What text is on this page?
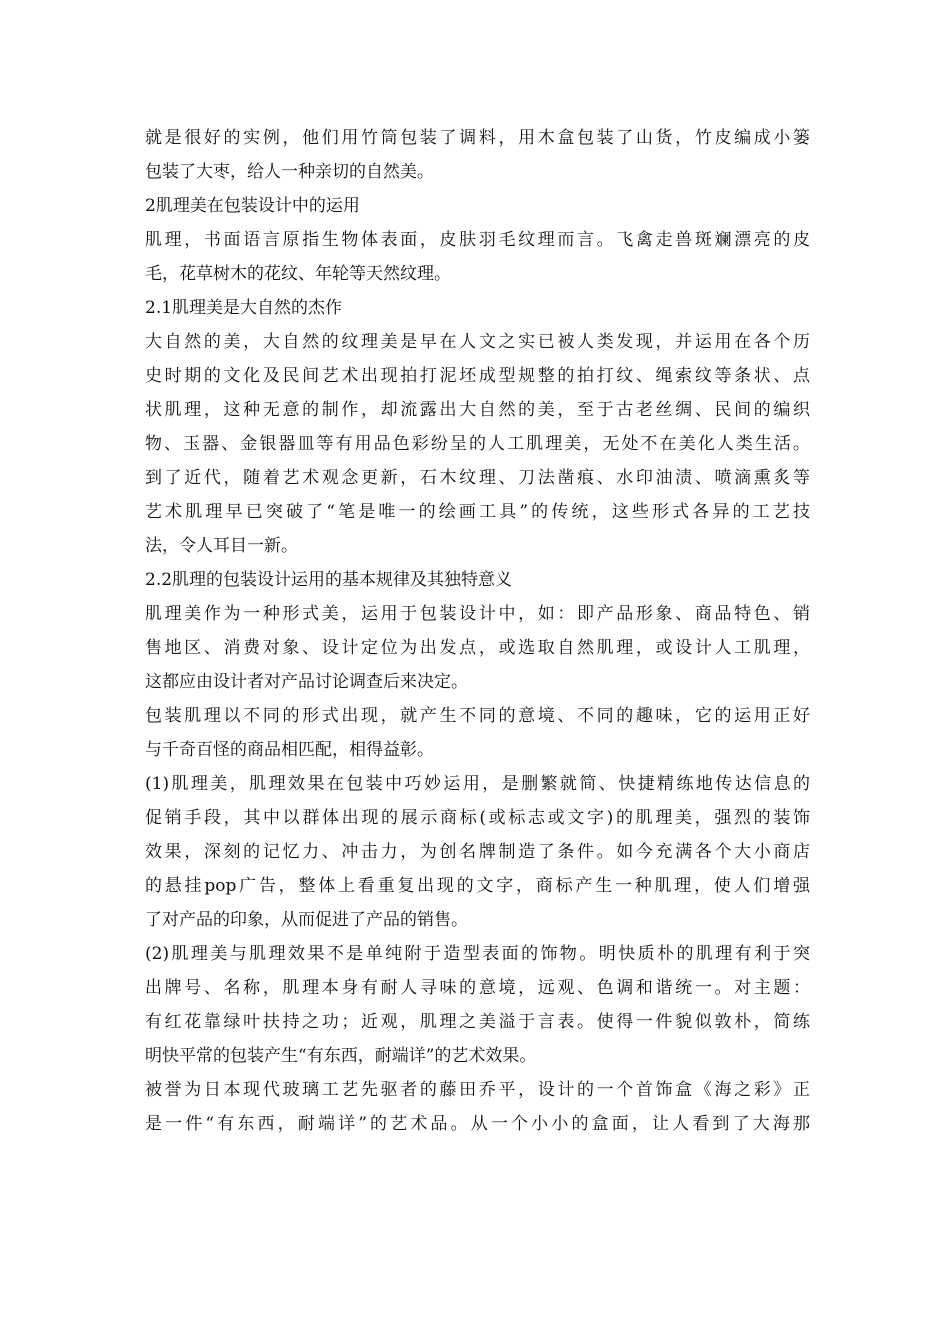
就是很好的实例，他们用竹筒包装了调料，用木盒包装了山货，竹皮编成小篓
包装了大枣，给人一种亲切的自然美。
2肌理美在包装设计中的运用
肌理，书面语言原指生物体表面，皮肤羽毛纹理而言。飞禽走兽斑斓漂亮的皮
毛，花草树木的花纹、年轮等天然纹理。
2.1肌理美是大自然的杰作
大自然的美，大自然的纹理美是早在人文之实已被人类发现，并运用在各个历
史时期的文化及民间艺术出现拍打泥坯成型规整的拍打纹、绳索纹等条状、点
状肌理，这种无意的制作，却流露出大自然的美，至于古老丝绸、民间的编织
物、玉器、金银器皿等有用品色彩纷呈的人工肌理美，无处不在美化人类生活。
到了近代，随着艺术观念更新，石木纹理、刀法凿痕、水印油渍、喷滴熏炙等
艺术肌理早已突破了“笔是唯一的绘画工具”的传统，这些形式各异的工艺技
法，令人耳目一新。
2.2肌理的包装设计运用的基本规律及其独特意义
肌理美作为一种形式美，运用于包装设计中，如：即产品形象、商品特色、销
售地区、消费对象、设计定位为出发点，或选取自然肌理，或设计人工肌理，
这都应由设计者对产品讨论调查后来决定。
包装肌理以不同的形式出现，就产生不同的意境、不同的趣味，它的运用正好
与千奇百怪的商品相匹配，相得益彰。
(1)肌理美，肌理效果在包装中巧妙运用，是删繁就简、快捷精练地传达信息的
促销手段，其中以群体出现的展示商标(或标志或文字)的肌理美，强烈的装饰
效果，深刻的记忆力、冲击力，为创名牌制造了条件。如今充满各个大小商店
的悬挂pop广告，整体上看重复出现的文字，商标产生一种肌理，使人们增强
了对产品的印象，从而促进了产品的销售。
(2)肌理美与肌理效果不是单纯附于造型表面的饰物。明快质朴的肌理有利于突
出牌号、名称，肌理本身有耐人寻味的意境，远观、色调和谐统一。对主题：
有红花靠绿叶扶持之功；近观，肌理之美溢于言表。使得一件貌似敦朴，简练
明快平常的包装产生“有东西，耐端详”的艺术效果。
被誉为日本现代玻璃工艺先驱者的藤田乔平，设计的一个首饰盒《海之彩》正
是一件“有东西，耐端详”的艺术品。从一个小小的盒面，让人看到了大海那
